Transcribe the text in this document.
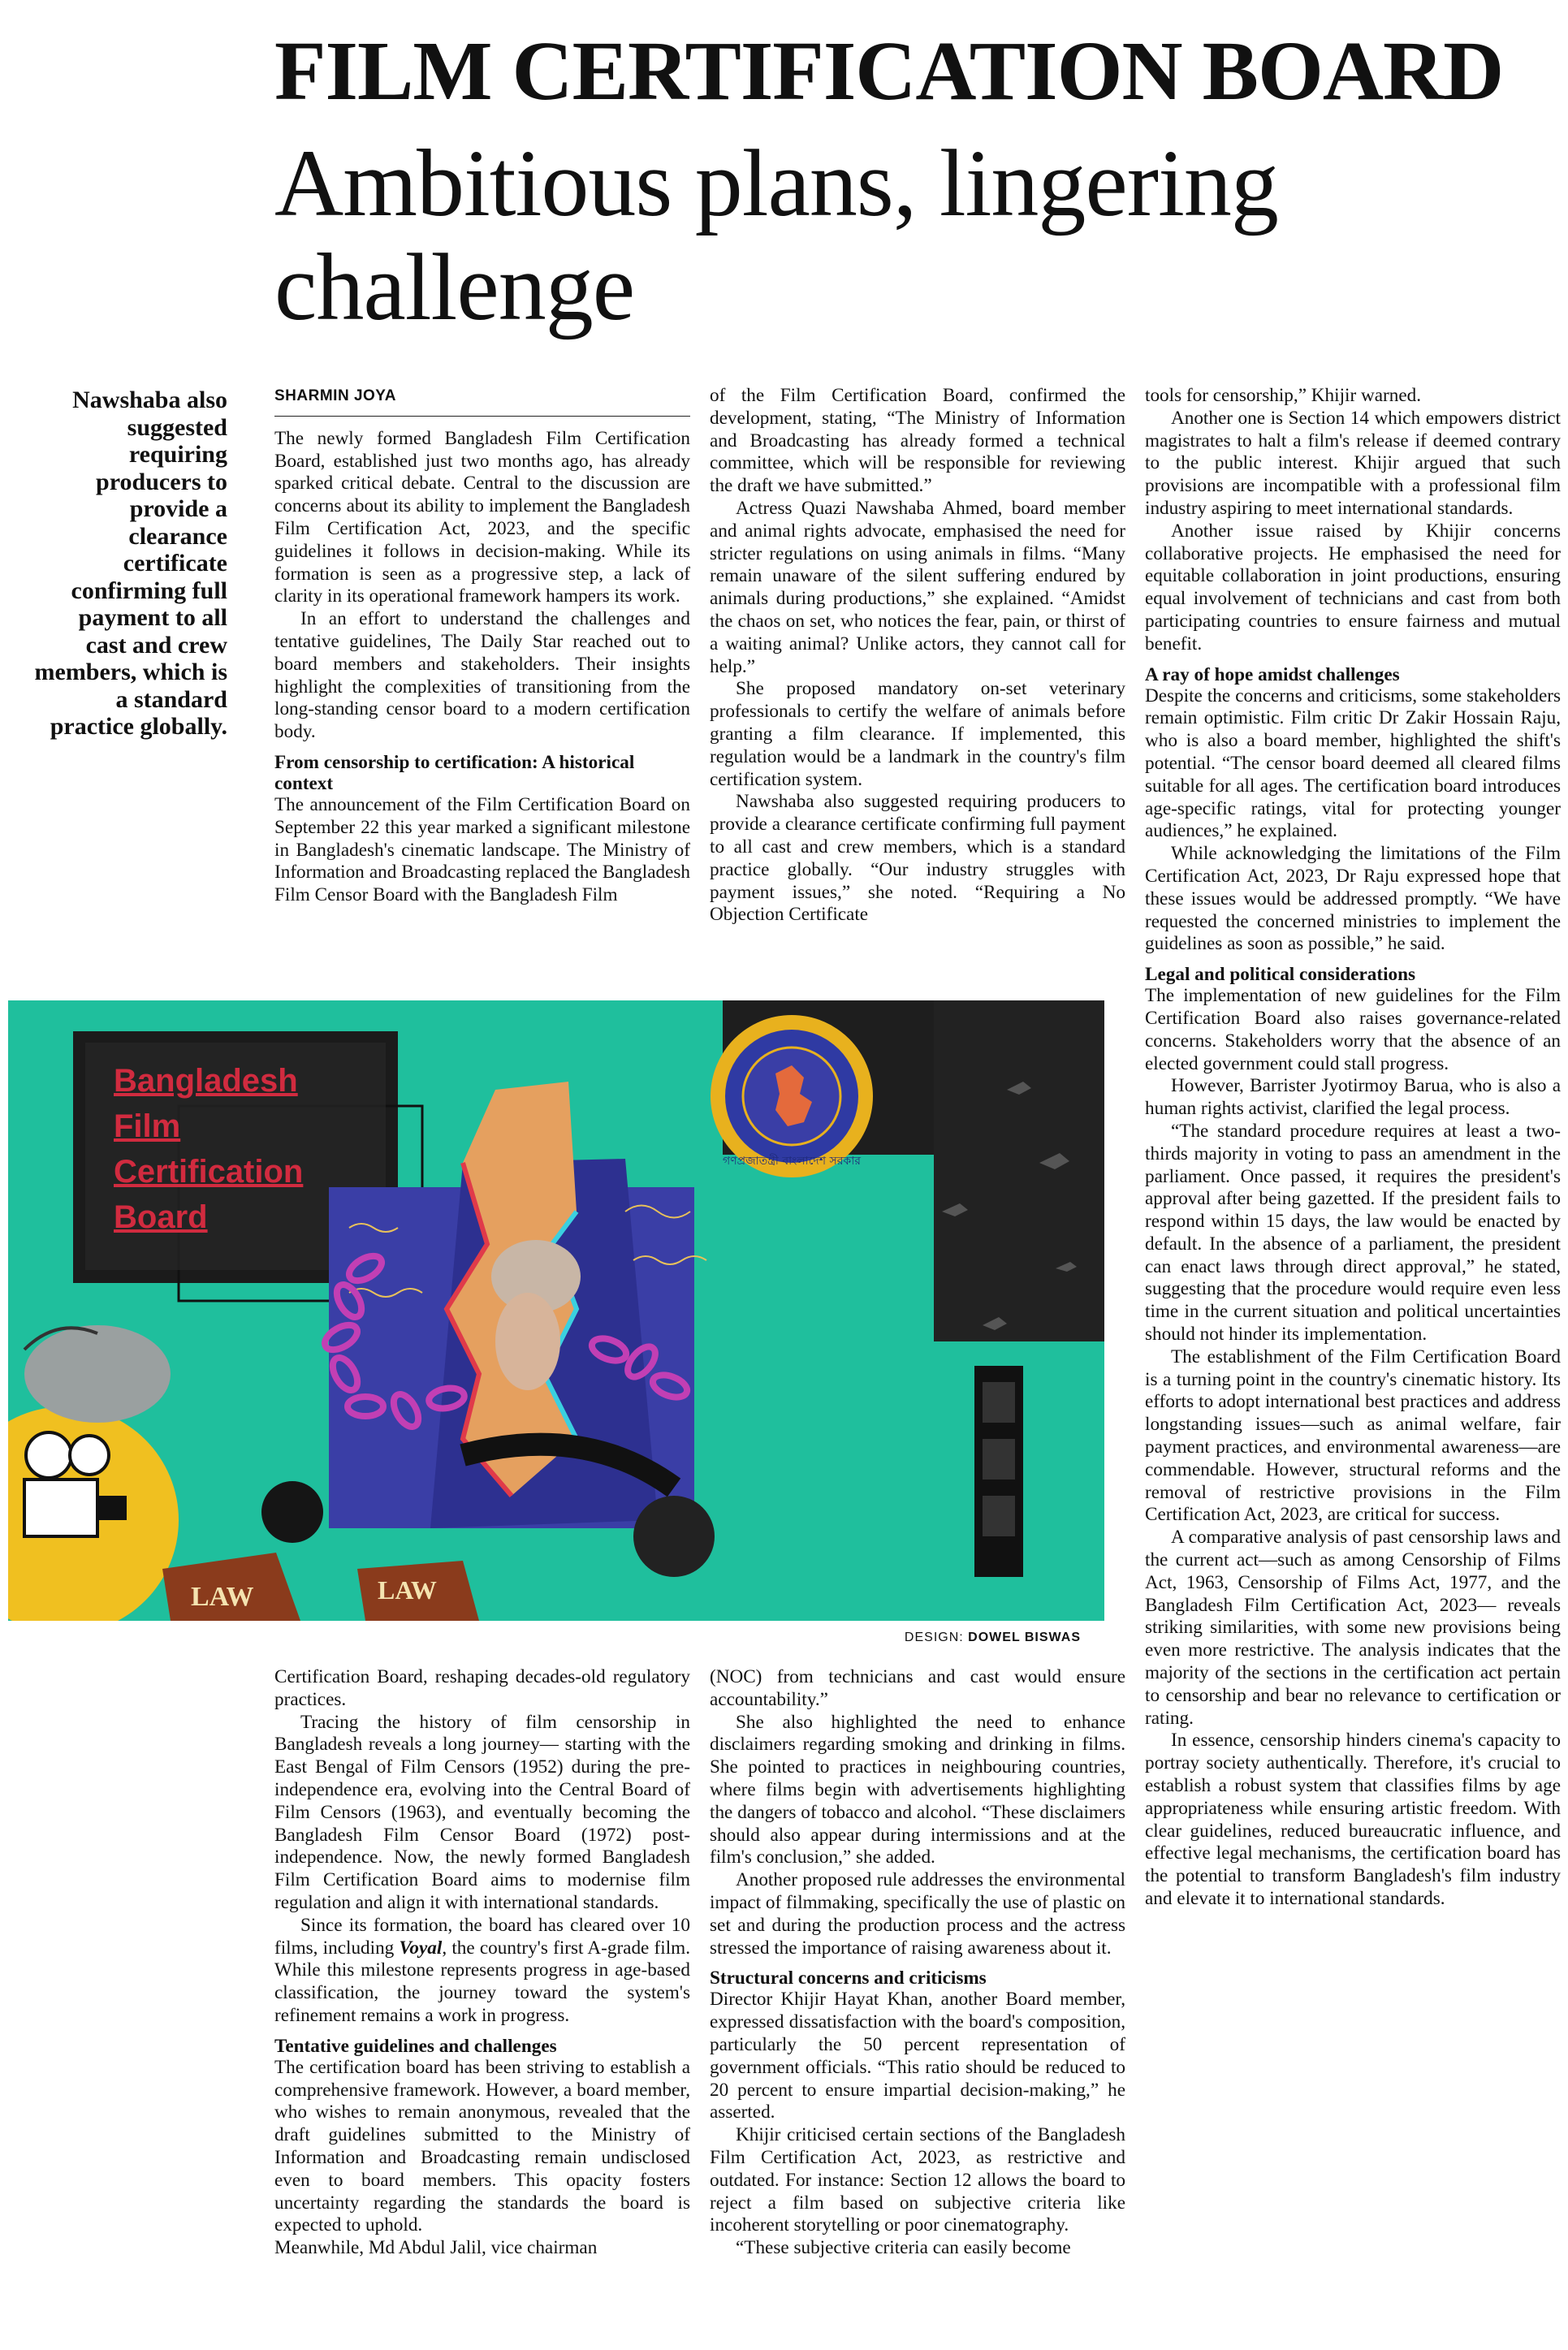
FILM CERTIFICATION BOARD
Ambitious plans, lingering challenge
Nawshaba also suggested requiring producers to provide a clearance certificate confirming full payment to all cast and crew members, which is a standard practice globally.
SHARMIN JOYA

The newly formed Bangladesh Film Certification Board, established just two months ago, has already sparked critical debate. Central to the discussion are concerns about its ability to implement the Bangladesh Film Certification Act, 2023, and the specific guidelines it follows in decision-making. While its formation is seen as a progressive step, a lack of clarity in its operational framework hampers its work.

In an effort to understand the challenges and tentative guidelines, The Daily Star reached out to board members and stakeholders. Their insights highlight the complexities of transitioning from the long-standing censor board to a modern certification body.

From censorship to certification: A historical context

The announcement of the Film Certification Board on September 22 this year marked a significant milestone in Bangladesh's cinematic landscape. The Ministry of Information and Broadcasting replaced the Bangladesh Film Censor Board with the Bangladesh Film

of the Film Certification Board, confirmed the development, stating, “The Ministry of Information and Broadcasting has already formed a technical committee, which will be responsible for reviewing the draft we have submitted.”

Actress Quazi Nawshaba Ahmed, board member and animal rights advocate, emphasised the need for stricter regulations on using animals in films. “Many remain unaware of the silent suffering endured by animals during productions,” she explained. “Amidst the chaos on set, who notices the fear, pain, or thirst of a waiting animal? Unlike actors, they cannot call for help.”

She proposed mandatory on-set veterinary professionals to certify the welfare of animals before granting a film clearance. If implemented, this regulation would be a landmark in the country's film certification system.

Nawshaba also suggested requiring producers to provide a clearance certificate confirming full payment to all cast and crew members, which is a standard practice globally. “Our industry struggles with payment issues,” she noted. “Requiring a No Objection Certificate

tools for censorship,” Khijir warned.

Another one is Section 14 which empowers district magistrates to halt a film's release if deemed contrary to the public interest. Khijir argued that such provisions are incompatible with a professional film industry aspiring to meet international standards.

Another issue raised by Khijir concerns collaborative projects. He emphasised the need for equitable collaboration in joint productions, ensuring equal involvement of technicians and cast from both participating countries to ensure fairness and mutual benefit.

A ray of hope amidst challenges

Despite the concerns and criticisms, some stakeholders remain optimistic. Film critic Dr Zakir Hossain Raju, who is also a board member, highlighted the shift's potential. “The censor board deemed all cleared films suitable for all ages. The certification board introduces age-specific ratings, vital for protecting younger audiences,” he explained.

While acknowledging the limitations of the Film Certification Act, 2023, Dr Raju expressed hope that these issues would be addressed promptly. “We have requested the concerned ministries to implement the guidelines as soon as possible,” he said.

Legal and political considerations

The implementation of new guidelines for the Film Certification Board also raises governance-related concerns. Stakeholders worry that the absence of an elected government could stall progress.

However, Barrister Jyotirmoy Barua, who is also a human rights activist, clarified the legal process.

“The standard procedure requires at least a two-thirds majority in voting to pass an amendment in the parliament. Once passed, it requires the president's approval after being gazetted. If the president fails to respond within 15 days, the law would be enacted by default. In the absence of a parliament, the president can enact laws through direct approval,” he stated, suggesting that the procedure would require even less time in the current situation and political uncertainties should not hinder its implementation.

The establishment of the Film Certification Board is a turning point in the country's cinematic history. Its efforts to adopt international best practices and address longstanding issues—such as animal welfare, fair payment practices, and environmental awareness—are commendable. However, structural reforms and the removal of restrictive provisions in the Film Certification Act, 2023, are critical for success.

A comparative analysis of past censorship laws and the current act—such as among Censorship of Films Act, 1963, Censorship of Films Act, 1977, and the Bangladesh Film Certification Act, 2023— reveals striking similarities, with some new provisions being even more restrictive. The analysis indicates that the majority of the sections in the certification act pertain to censorship and bear no relevance to certification or rating.

In essence, censorship hinders cinema's capacity to portray society authentically. Therefore, it's crucial to establish a robust system that classifies films by age appropriateness while ensuring artistic freedom. With clear guidelines, reduced bureaucratic influence, and effective legal mechanisms, the certification board has the potential to transform Bangladesh's film industry and elevate it to international standards.

Bangladesh
Film
Certification
Board
গণপ্রজাতন্ত্রী বাংলাদেশ সরকার
LAW	LAW
DESIGN: DOWEL BISWAS

Certification Board, reshaping decades-old regulatory practices.

Tracing the history of film censorship in Bangladesh reveals a long journey— starting with the East Bengal of Film Censors (1952) during the pre-independence era, evolving into the Central Board of Film Censors (1963), and eventually becoming the Bangladesh Film Censor Board (1972) post-independence. Now, the newly formed Bangladesh Film Certification Board aims to modernise film regulation and align it with international standards.

Since its formation, the board has cleared over 10 films, including Voyal, the country's first A-grade film. While this milestone represents progress in age-based classification, the journey toward the system's refinement remains a work in progress.

Tentative guidelines and challenges

The certification board has been striving to establish a comprehensive framework. However, a board member, who wishes to remain anonymous, revealed that the draft guidelines submitted to the Ministry of Information and Broadcasting remain undisclosed even to board members. This opacity fosters uncertainty regarding the standards the board is expected to uphold.

Meanwhile, Md Abdul Jalil, vice chairman

(NOC) from technicians and cast would ensure accountability.”

She also highlighted the need to enhance disclaimers regarding smoking and drinking in films. She pointed to practices in neighbouring countries, where films begin with advertisements highlighting the dangers of tobacco and alcohol. “These disclaimers should also appear during intermissions and at the film's conclusion,” she added.

Another proposed rule addresses the environmental impact of filmmaking, specifically the use of plastic on set and during the production process and the actress stressed the importance of raising awareness about it.

Structural concerns and criticisms

Director Khijir Hayat Khan, another Board member, expressed dissatisfaction with the board's composition, particularly the 50 percent representation of government officials. “This ratio should be reduced to 20 percent to ensure impartial decision-making,” he asserted.

Khijir criticised certain sections of the Bangladesh Film Certification Act, 2023, as restrictive and outdated. For instance: Section 12 allows the board to reject a film based on subjective criteria like incoherent storytelling or poor cinematography.

“These subjective criteria can easily become
